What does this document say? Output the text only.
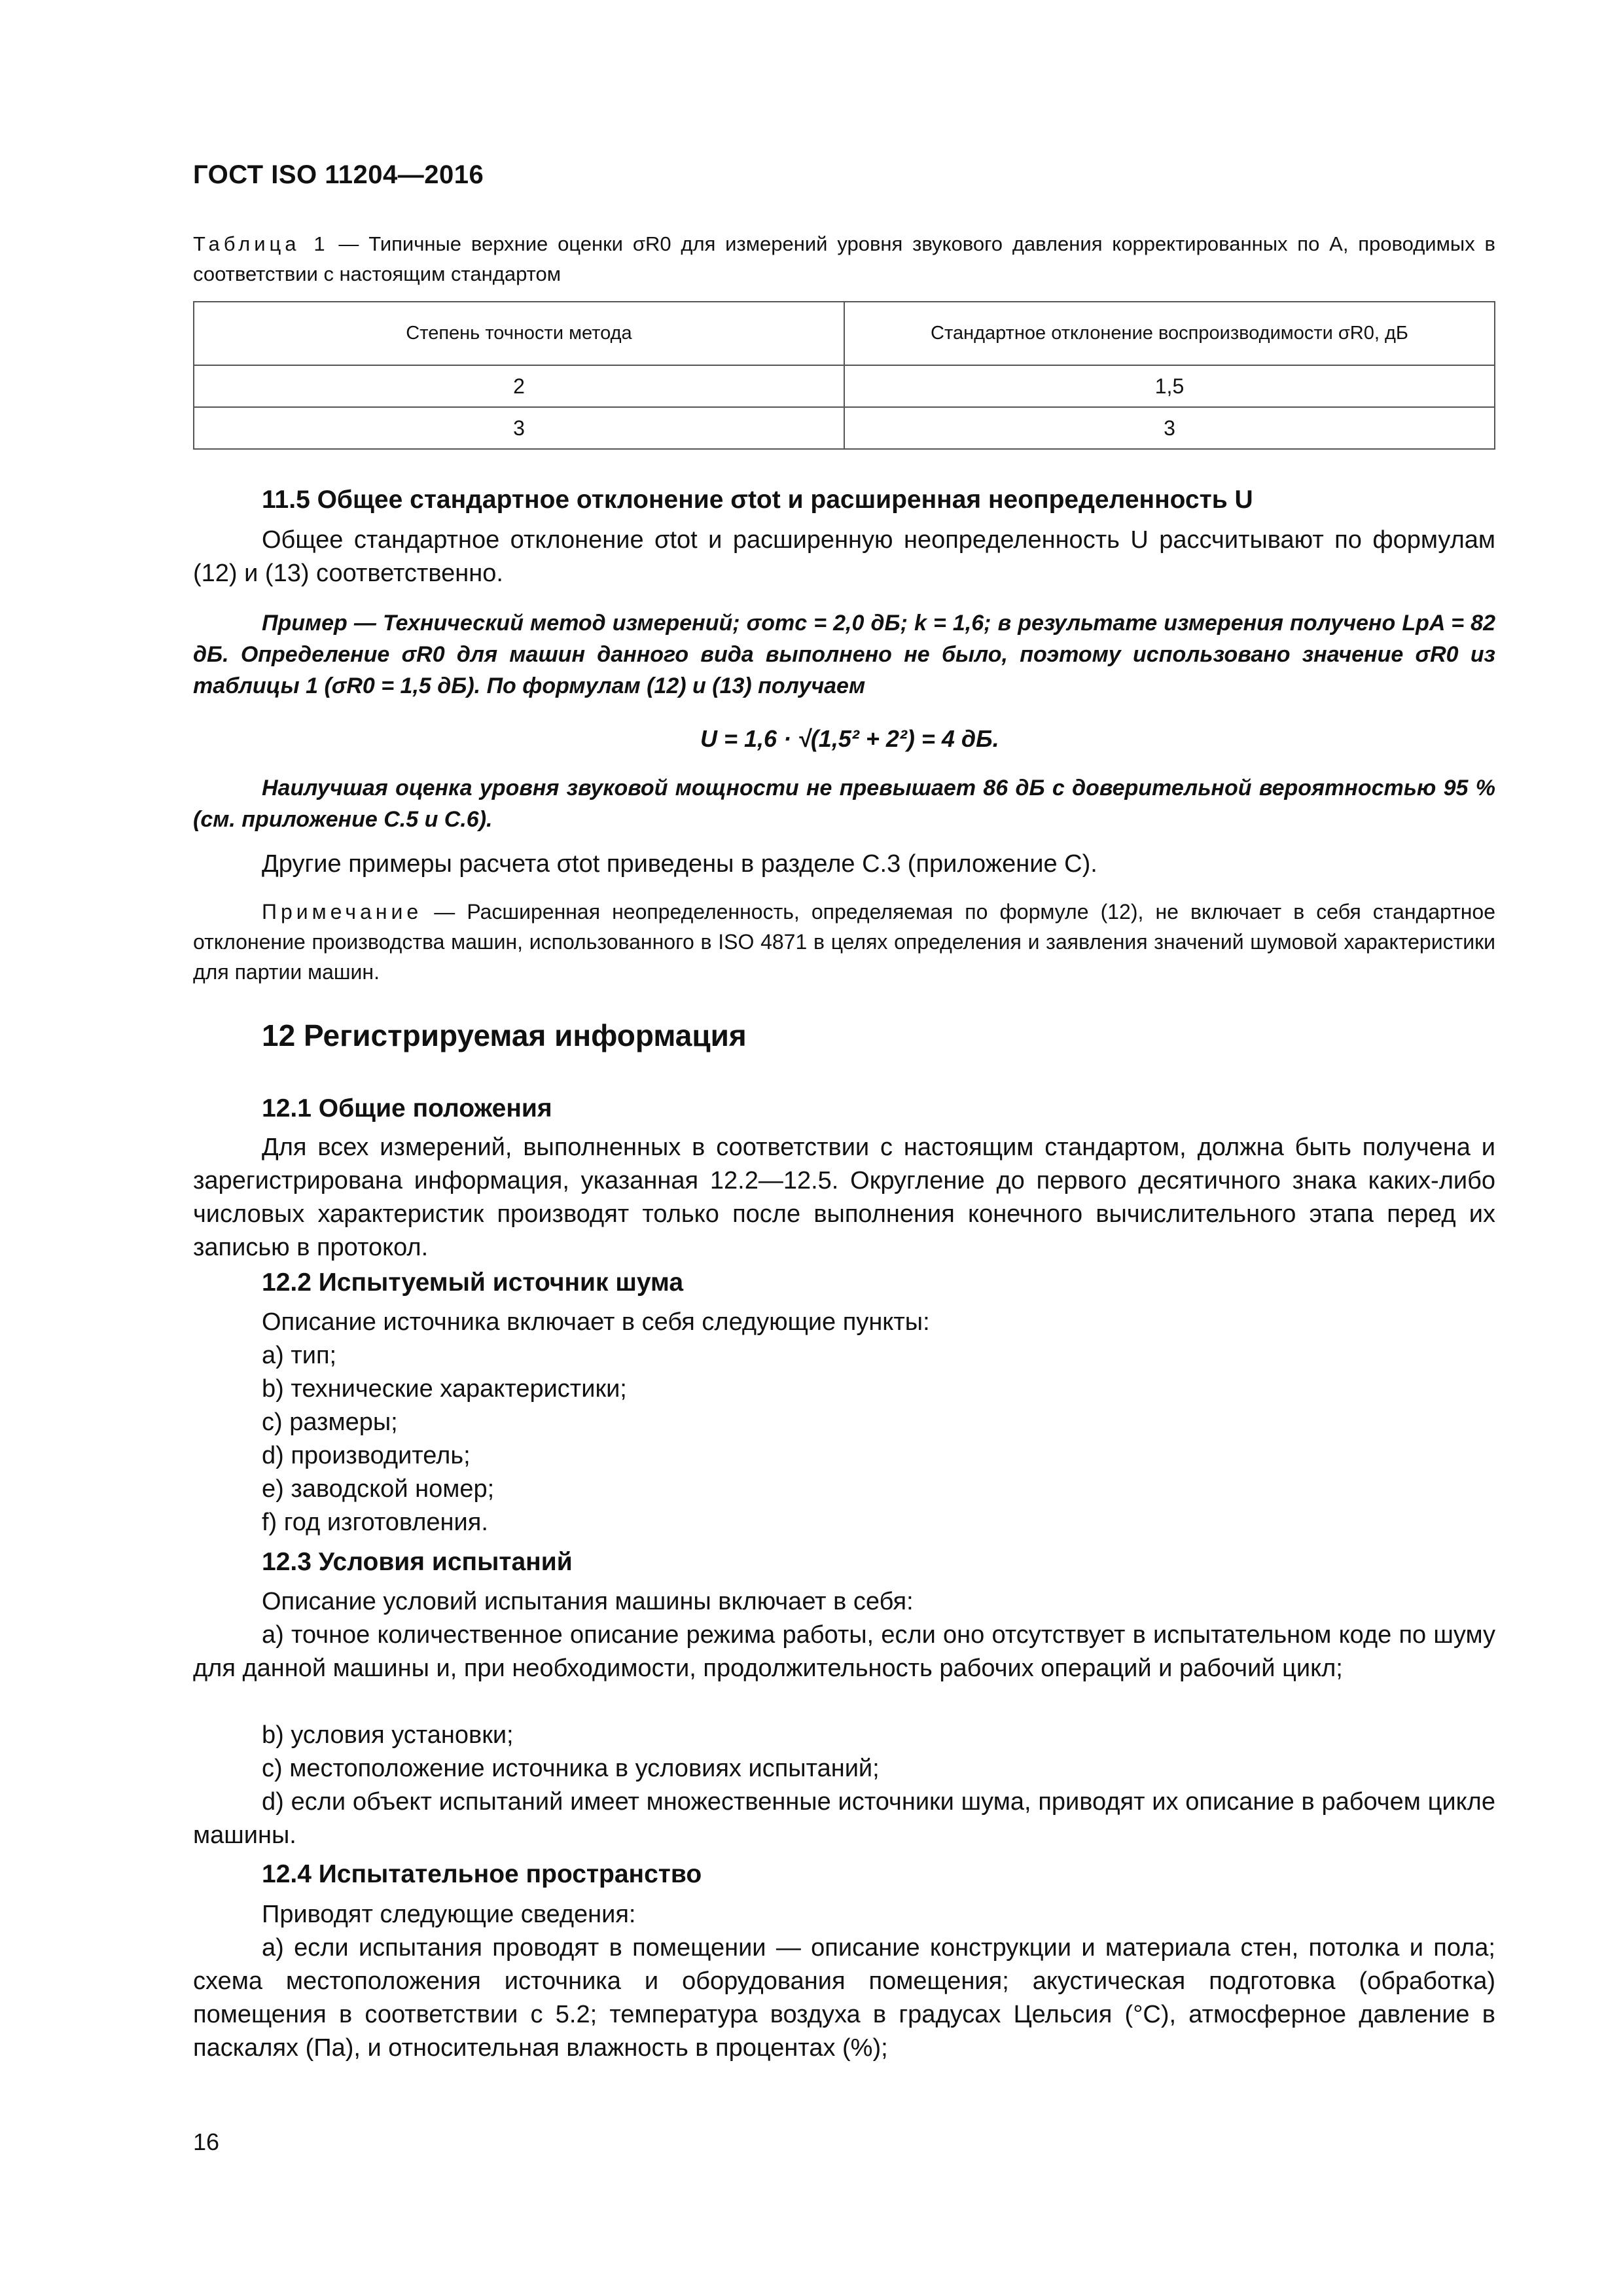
ГОСТ ISO 11204—2016
Таблица 1 — Типичные верхние оценки σR0 для измерений уровня звукового давления корректированных по A, проводимых в соответствии с настоящим стандартом
Степень точности метода	Стандартное отклонение воспроизводимости σR0, дБ
2	1,5
3	3
11.5 Общее стандартное отклонение σtot и расширенная неопределенность U

Общее стандартное отклонение σtot и расширенную неопределенность U рассчитывают по формулам (12) и (13) соответственно.

Пример — Технический метод измерений; σomc = 2,0 дБ; k = 1,6; в результате измерения получено LpA = 82 дБ. Определение σR0 для машин данного вида выполнено не было, поэтому использовано значение σR0 из таблицы 1 (σR0 = 1,5 дБ). По формулам (12) и (13) получаем

U = 1,6 · √(1,5² + 2²) = 4 дБ.

Наилучшая оценка уровня звуковой мощности не превышает 86 дБ с доверительной вероятностью 95 % (см. приложение С.5 и С.6).

Другие примеры расчета σtot приведены в разделе С.3 (приложение С).

Примечание — Расширенная неопределенность, определяемая по формуле (12), не включает в себя стандартное отклонение производства машин, использованного в ISO 4871 в целях определения и заявления значений шумовой характеристики для партии машин.

12 Регистрируемая информация
12.1 Общие положения

Для всех измерений, выполненных в соответствии с настоящим стандартом, должна быть получена и зарегистрирована информация, указанная 12.2—12.5. Округление до первого десятичного знака каких-либо числовых характеристик производят только после выполнения конечного вычислительного этапа перед их записью в протокол.

12.2 Испытуемый источник шума
Описание источника включает в себя следующие пункты:
a) тип;
b) технические характеристики;
c) размеры;
d) производитель;
e) заводской номер;
f) год изготовления.
12.3 Условия испытаний
Описание условий испытания машины включает в себя:

a) точное количественное описание режима работы, если оно отсутствует в испытательном коде по шуму для данной машины и, при необходимости, продолжительность рабочих операций и рабочий цикл;

b) условия установки;
c) местоположение источника в условиях испытаний;

d) если объект испытаний имеет множественные источники шума, приводят их описание в рабочем цикле машины.

12.4 Испытательное пространство
Приводят следующие сведения:

a) если испытания проводят в помещении — описание конструкции и материала стен, потолка и пола; схема местоположения источника и оборудования помещения; акустическая подготовка (обработка) помещения в соответствии с 5.2; температура воздуха в градусах Цельсия (°C), атмосферное давление в паскалях (Па), и относительная влажность в процентах (%);

16
